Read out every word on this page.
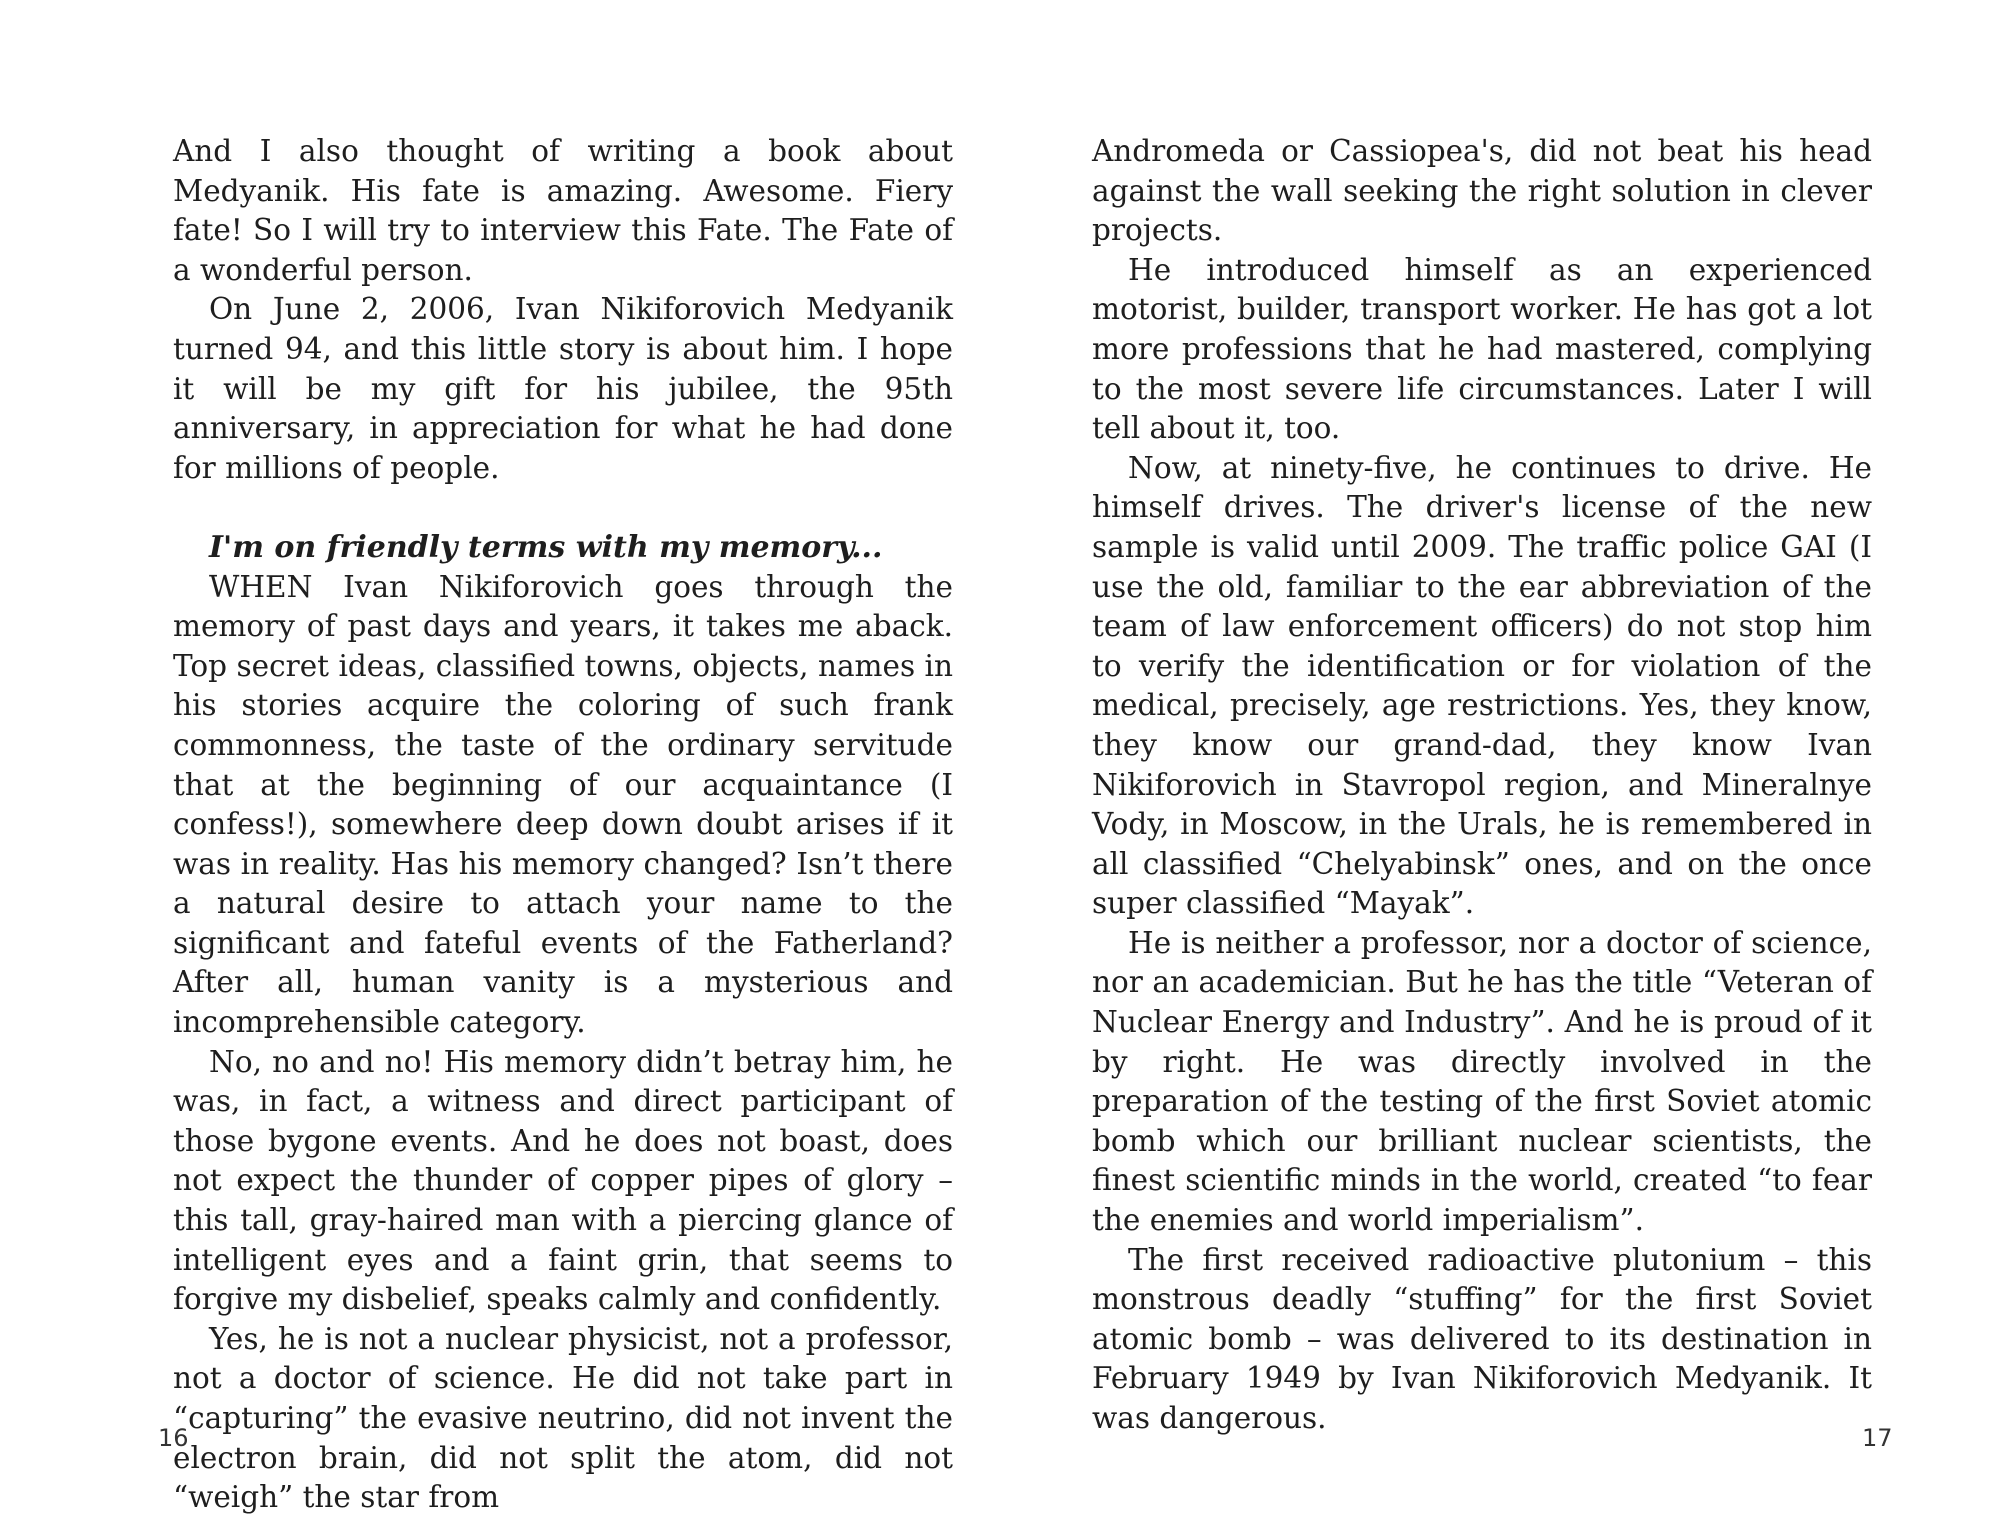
And I also thought of writing a book about Medyanik. His fate is amazing. Awesome. Fiery fate! So I will try to interview this Fate. The Fate of a wonderful person.

On June 2, 2006, Ivan Nikiforovich Medyanik turned 94, and this little story is about him. I hope it will be my gift for his jubilee, the 95th anniversary, in appreciation for what he had done for millions of people.

I'm on friendly terms with my memory...

WHEN Ivan Nikiforovich goes through the memory of past days and years, it takes me aback. Top secret ideas, classified towns, objects, names in his stories acquire the coloring of such frank commonness, the taste of the ordinary servitude that at the beginning of our acquaintance (I confess!), somewhere deep down doubt arises if it was in reality. Has his memory changed? Isn’t there a natural desire to attach your name to the significant and fateful events of the Fatherland? After all, human vanity is a mysterious and incomprehensible category.

No, no and no! His memory didn’t betray him, he was, in fact, a witness and direct participant of those bygone events. And he does not boast, does not expect the thunder of copper pipes of glory – this tall, gray-haired man with a piercing glance of intelligent eyes and a faint grin, that seems to forgive my disbelief, speaks calmly and confidently.

Yes, he is not a nuclear physicist, not a professor, not a doctor of science. He did not take part in “capturing” the evasive neutrino, did not invent the electron brain, did not split the atom, did not “weigh” the star from

16

Andromeda or Cassiopea's, did not beat his head against the wall seeking the right solution in clever projects.

He introduced himself as an experienced motorist, builder, transport worker. He has got a lot more professions that he had mastered, complying to the most severe life circumstances. Later I will tell about it, too.

Now, at ninety-five, he continues to drive. He himself drives. The driver's license of the new sample is valid until 2009. The traffic police GAI (I use the old, familiar to the ear abbreviation of the team of law enforcement officers) do not stop him to verify the identification or for violation of the medical, precisely, age restrictions. Yes, they know, they know our grand-dad, they know Ivan Nikiforovich in Stavropol region, and Mineralnye Vody, in Moscow, in the Urals, he is remembered in all classified “Chelyabinsk” ones, and on the once super classified “Mayak”.

He is neither a professor, nor a doctor of science, nor an academician. But he has the title “Veteran of Nuclear Energy and Industry”. And he is proud of it by right. He was directly involved in the preparation of the testing of the first Soviet atomic bomb which our brilliant nuclear scientists, the finest scientific minds in the world, created “to fear the enemies and world imperialism”.

The first received radioactive plutonium – this monstrous deadly “stuffing” for the first Soviet atomic bomb – was delivered to its destination in February 1949 by Ivan Nikiforovich Medyanik. It was dangerous.

17
